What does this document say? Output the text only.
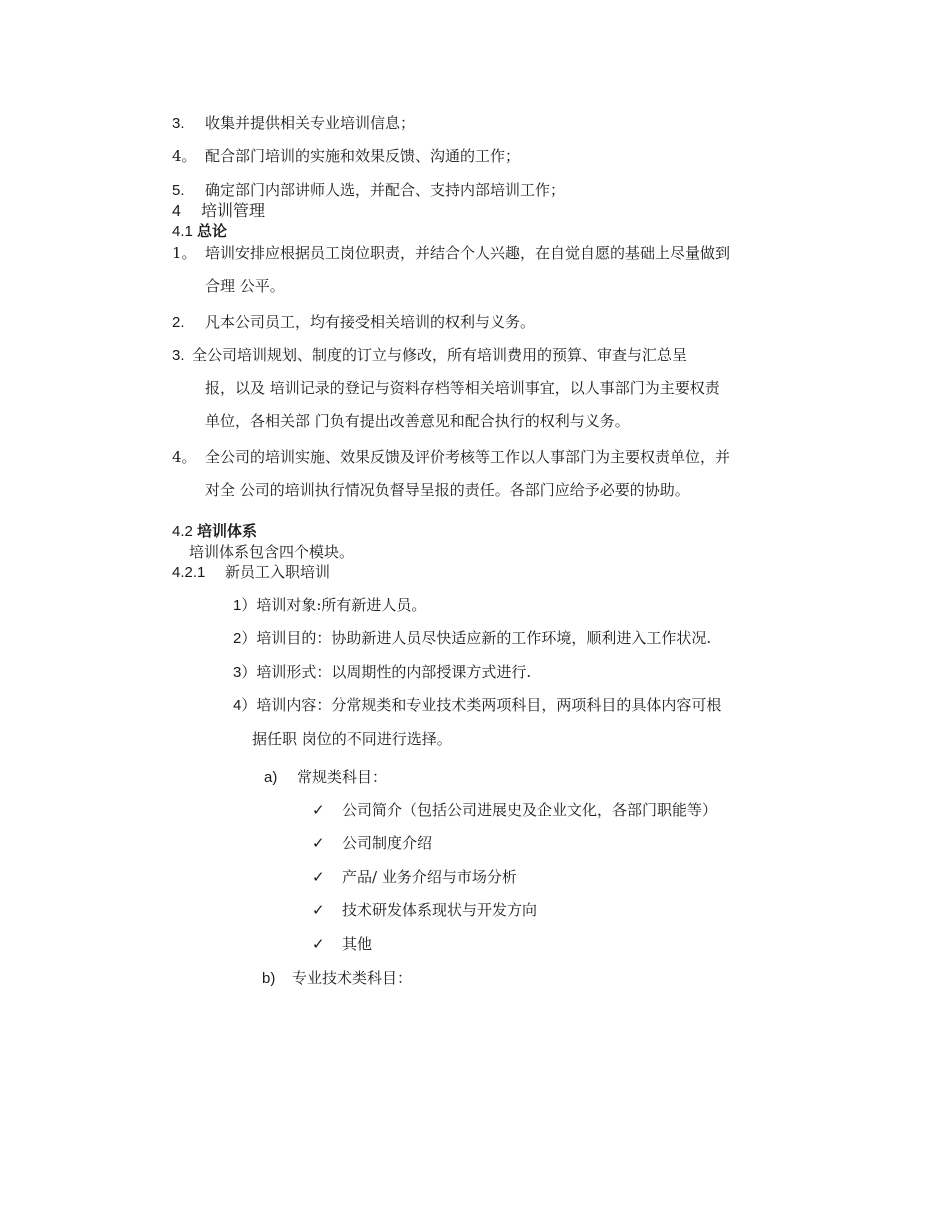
3. 收集并提供相关专业培训信息；
4。 配合部门培训的实施和效果反馈、沟通的工作；
5. 确定部门内部讲师人选，并配合、支持内部培训工作；
4 培训管理
4.1 总论
1。 培训安排应根据员工岗位职责，并结合个人兴趣，在自觉自愿的基础上尽量做到
合理 公平。
2. 凡本公司员工，均有接受相关培训的权利与义务。
3. 全公司培训规划、制度的订立与修改，所有培训费用的预算、审查与汇总呈
报，以及 培训记录的登记与资料存档等相关培训事宜，以人事部门为主要权责
单位，各相关部 门负有提出改善意见和配合执行的权利与义务。
4。 全公司的培训实施、效果反馈及评价考核等工作以人事部门为主要权责单位，并
对全 公司的培训执行情况负督导呈报的责任。各部门应给予必要的协助。
4.2 培训体系
培训体系包含四个模块。
4.2.1 新员工入职培训
1）培训对象:所有新进人员。
2）培训目的：协助新进人员尽快适应新的工作环境，顺利进入工作状况.
3）培训形式：以周期性的内部授课方式进行.
4）培训内容：分常规类和专业技术类两项科目，两项科目的具体内容可根
据任职 岗位的不同进行选择。
a) 常规类科目：
✓ 公司简介（包括公司进展史及企业文化，各部门职能等）
✓ 公司制度介绍
✓ 产品/ 业务介绍与市场分析
✓ 技术研发体系现状与开发方向
✓ 其他
b) 专业技术类科目：
